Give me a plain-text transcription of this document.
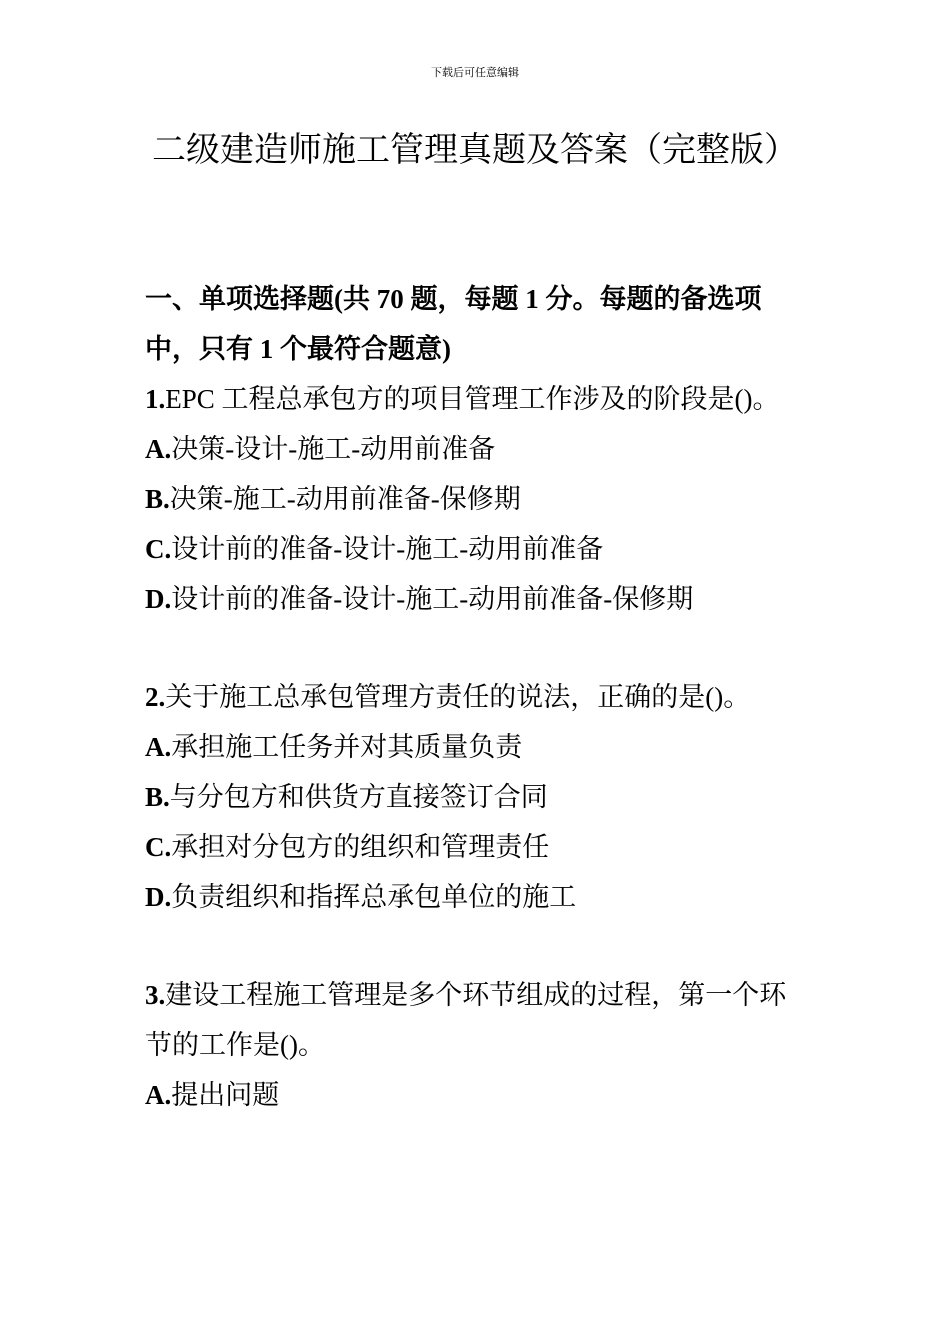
下载后可任意编辑
二级建造师施工管理真题及答案（完整版）
一、单项选择题(共 70 题，每题 1 分。每题的备选项中，只有 1 个最符合题意)
1.EPC 工程总承包方的项目管理工作涉及的阶段是()。
A.决策-设计-施工-动用前准备
B.决策-施工-动用前准备-保修期
C.设计前的准备-设计-施工-动用前准备
D.设计前的准备-设计-施工-动用前准备-保修期
2.关于施工总承包管理方责任的说法，正确的是()。
A.承担施工任务并对其质量负责
B.与分包方和供货方直接签订合同
C.承担对分包方的组织和管理责任
D.负责组织和指挥总承包单位的施工
3.建设工程施工管理是多个环节组成的过程，第一个环节的工作是()。
A.提出问题
